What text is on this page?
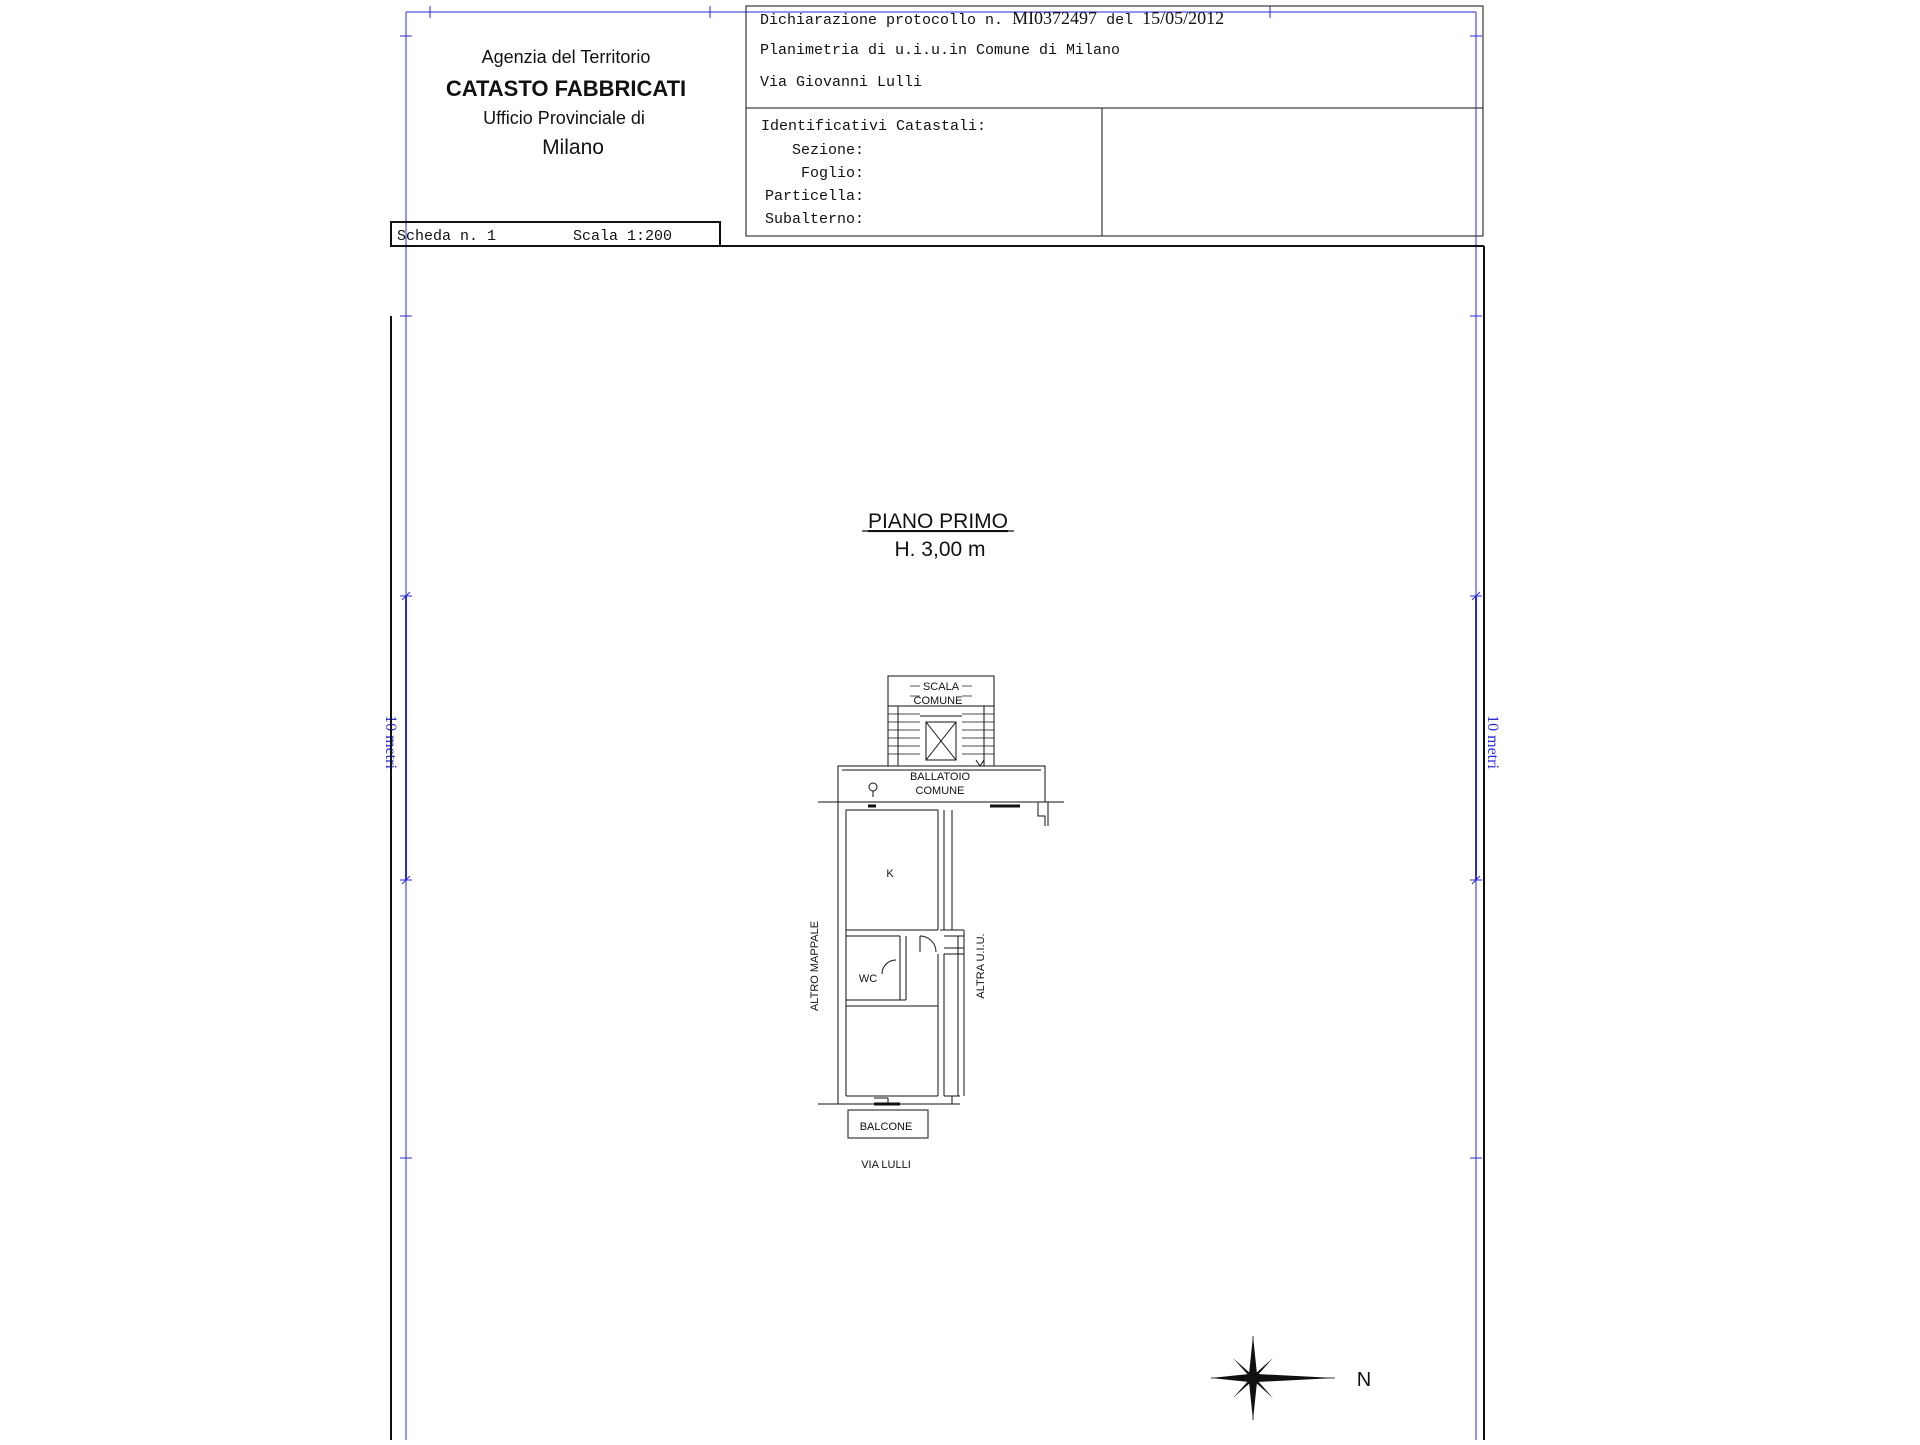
10 metri	10 metri
Agenzia del Territorio
CATASTO FABBRICATI
Ufficio Provinciale di
Milano
Dichiarazione protocollo n. MI0372497 del 15/05/2012
Planimetria di u.i.u.in Comune di Milano
Via Giovanni Lulli
Identificativi Catastali:
Sezione:
Foglio:
Particella:
Subalterno:
Scheda n. 1	Scala 1:200
PIANO PRIMO
H. 3,00 m
SCALA
COMUNE
BALLATOIO
COMUNE
K
WC
BALCONE
VIA LULLI
ALTRO MAPPALE	ALTRA U.I.U.
N
